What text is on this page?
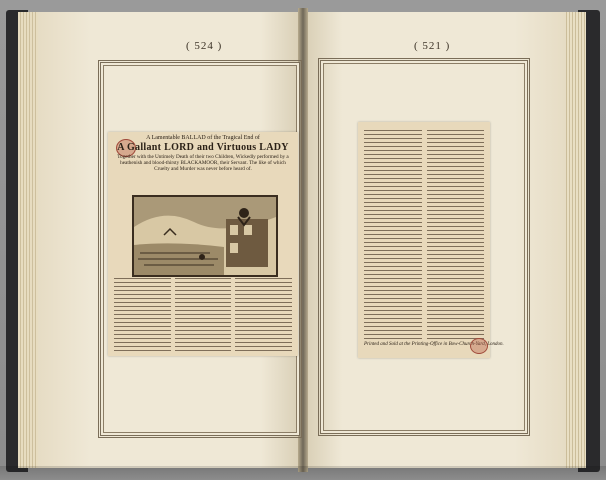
( 524 )	( 521 )
A Lamentable BALLAD of the Tragical End of
A Gallant LORD and Virtuous LADY
Together with the Untimely Death of their two Children, Wickedly performed by a heathenish and blood-thirsty BLACKAMOOR, their Servant. The like of which Cruelty and Murder was never before heard of.
Printed and Sold at the Printing-Office in Bow-Church-Yard, London.
